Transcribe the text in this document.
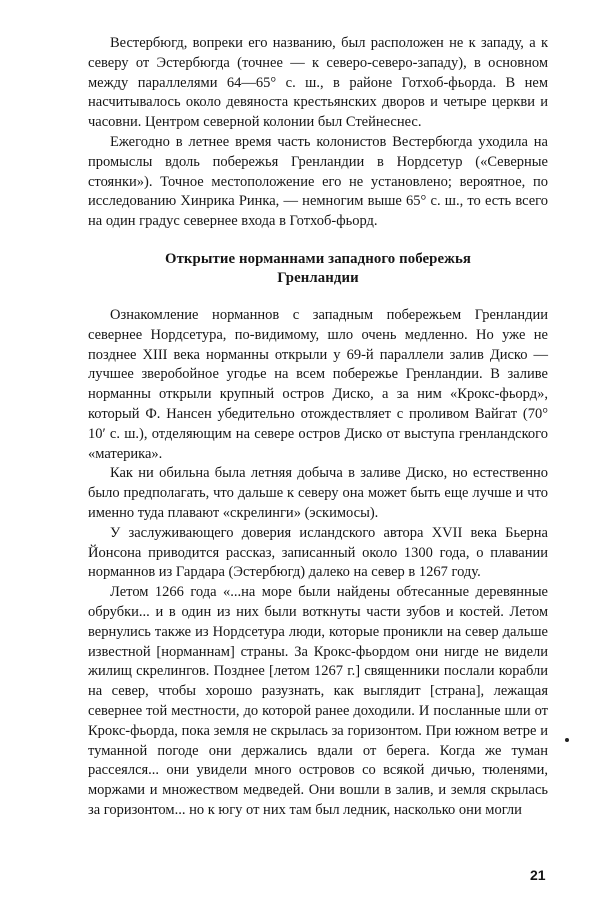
Вестербюгд, вопреки его названию, был расположен не к западу, а к северу от Эстербюгда (точнее — к северо-северо-западу), в основном между параллелями 64—65° с. ш., в районе Готхоб-фьорда. В нем насчитывалось около девяноста крестьянских дворов и четыре церкви и часовни. Центром северной колонии был Стейнеснес.

Ежегодно в летнее время часть колонистов Вестербюгда уходила на промыслы вдоль побережья Гренландии в Нордсетур («Северные стоянки»). Точное местоположение его не установлено; вероятное, по исследованию Хинрика Ринка, — немногим выше 65° с. ш., то есть всего на один градус севернее входа в Готхоб-фьорд.

Открытие норманнами западного побережья
Гренландии

Ознакомление норманнов с западным побережьем Гренландии севернее Нордсетура, по-видимому, шло очень медленно. Но уже не позднее XIII века норманны открыли у 69-й параллели залив Диско — лучшее зверобойное угодье на всем побережье Гренландии. В заливе норманны открыли крупный остров Диско, а за ним «Крокс-фьорд», который Ф. Нансен убедительно отождествляет с проливом Вайгат (70° 10′ с. ш.), отделяющим на севере остров Диско от выступа гренландского «материка».

Как ни обильна была летняя добыча в заливе Диско, но естественно было предполагать, что дальше к северу она может быть еще лучше и что именно туда плавают «скрелинги» (эскимосы).

У заслуживающего доверия исландского автора XVII века Бьерна Йонсона приводится рассказ, записанный около 1300 года, о плавании норманнов из Гардара (Эстербюгд) далеко на север в 1267 году.

Летом 1266 года «...на море были найдены обтесанные деревянные обрубки... и в один из них были воткнуты части зубов и костей. Летом вернулись также из Нордсетура люди, которые проникли на север дальше известной [норманнам] страны. За Крокс-фьордом они нигде не видели жилищ скрелингов. Позднее [летом 1267 г.] священники послали корабли на север, чтобы хорошо разузнать, как выглядит [страна], лежащая севернее той местности, до которой ранее доходили. И посланные шли от Крокс-фьорда, пока земля не скрылась за горизонтом. При южном ветре и туманной погоде они держались вдали от берега. Когда же туман рассеялся... они увидели много островов со всякой дичью, тюленями, моржами и множеством медведей. Они вошли в залив, и земля скрылась за горизонтом... но к югу от них там был ледник, насколько они могли

21
